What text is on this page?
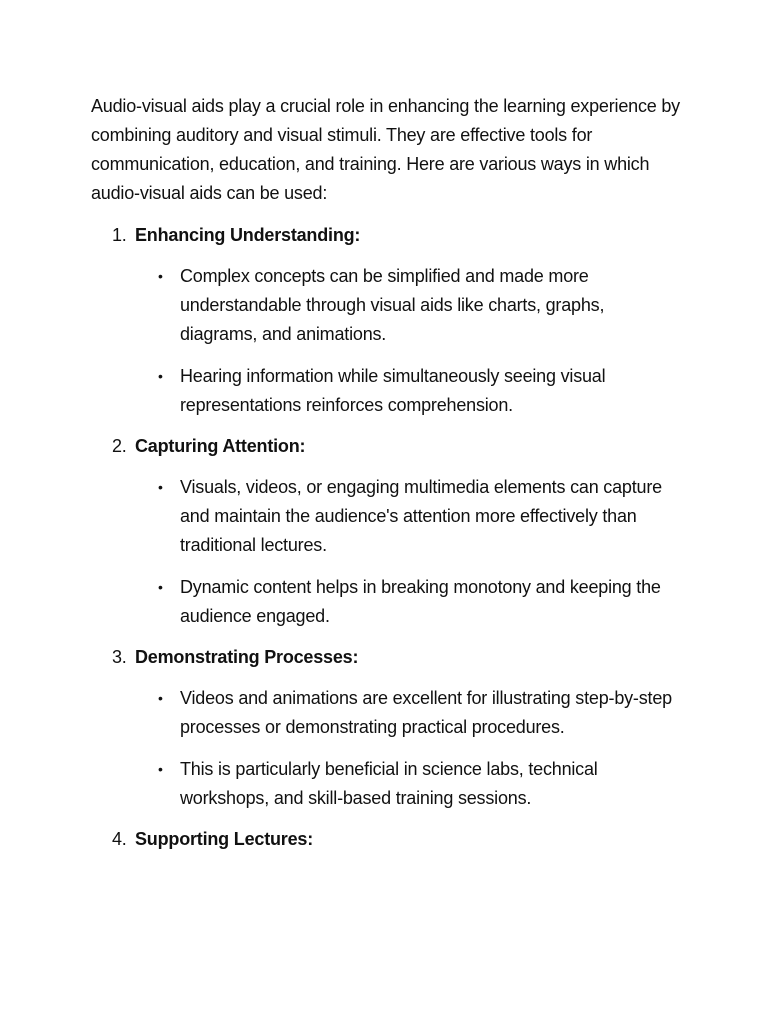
Audio-visual aids play a crucial role in enhancing the learning experience by combining auditory and visual stimuli. They are effective tools for communication, education, and training. Here are various ways in which audio-visual aids can be used:

1. Enhancing Understanding:
• Complex concepts can be simplified and made more understandable through visual aids like charts, graphs, diagrams, and animations.
• Hearing information while simultaneously seeing visual representations reinforces comprehension.
2. Capturing Attention:
• Visuals, videos, or engaging multimedia elements can capture and maintain the audience's attention more effectively than traditional lectures.
• Dynamic content helps in breaking monotony and keeping the audience engaged.
3. Demonstrating Processes:
• Videos and animations are excellent for illustrating step-by-step processes or demonstrating practical procedures.
• This is particularly beneficial in science labs, technical workshops, and skill-based training sessions.
4. Supporting Lectures:
